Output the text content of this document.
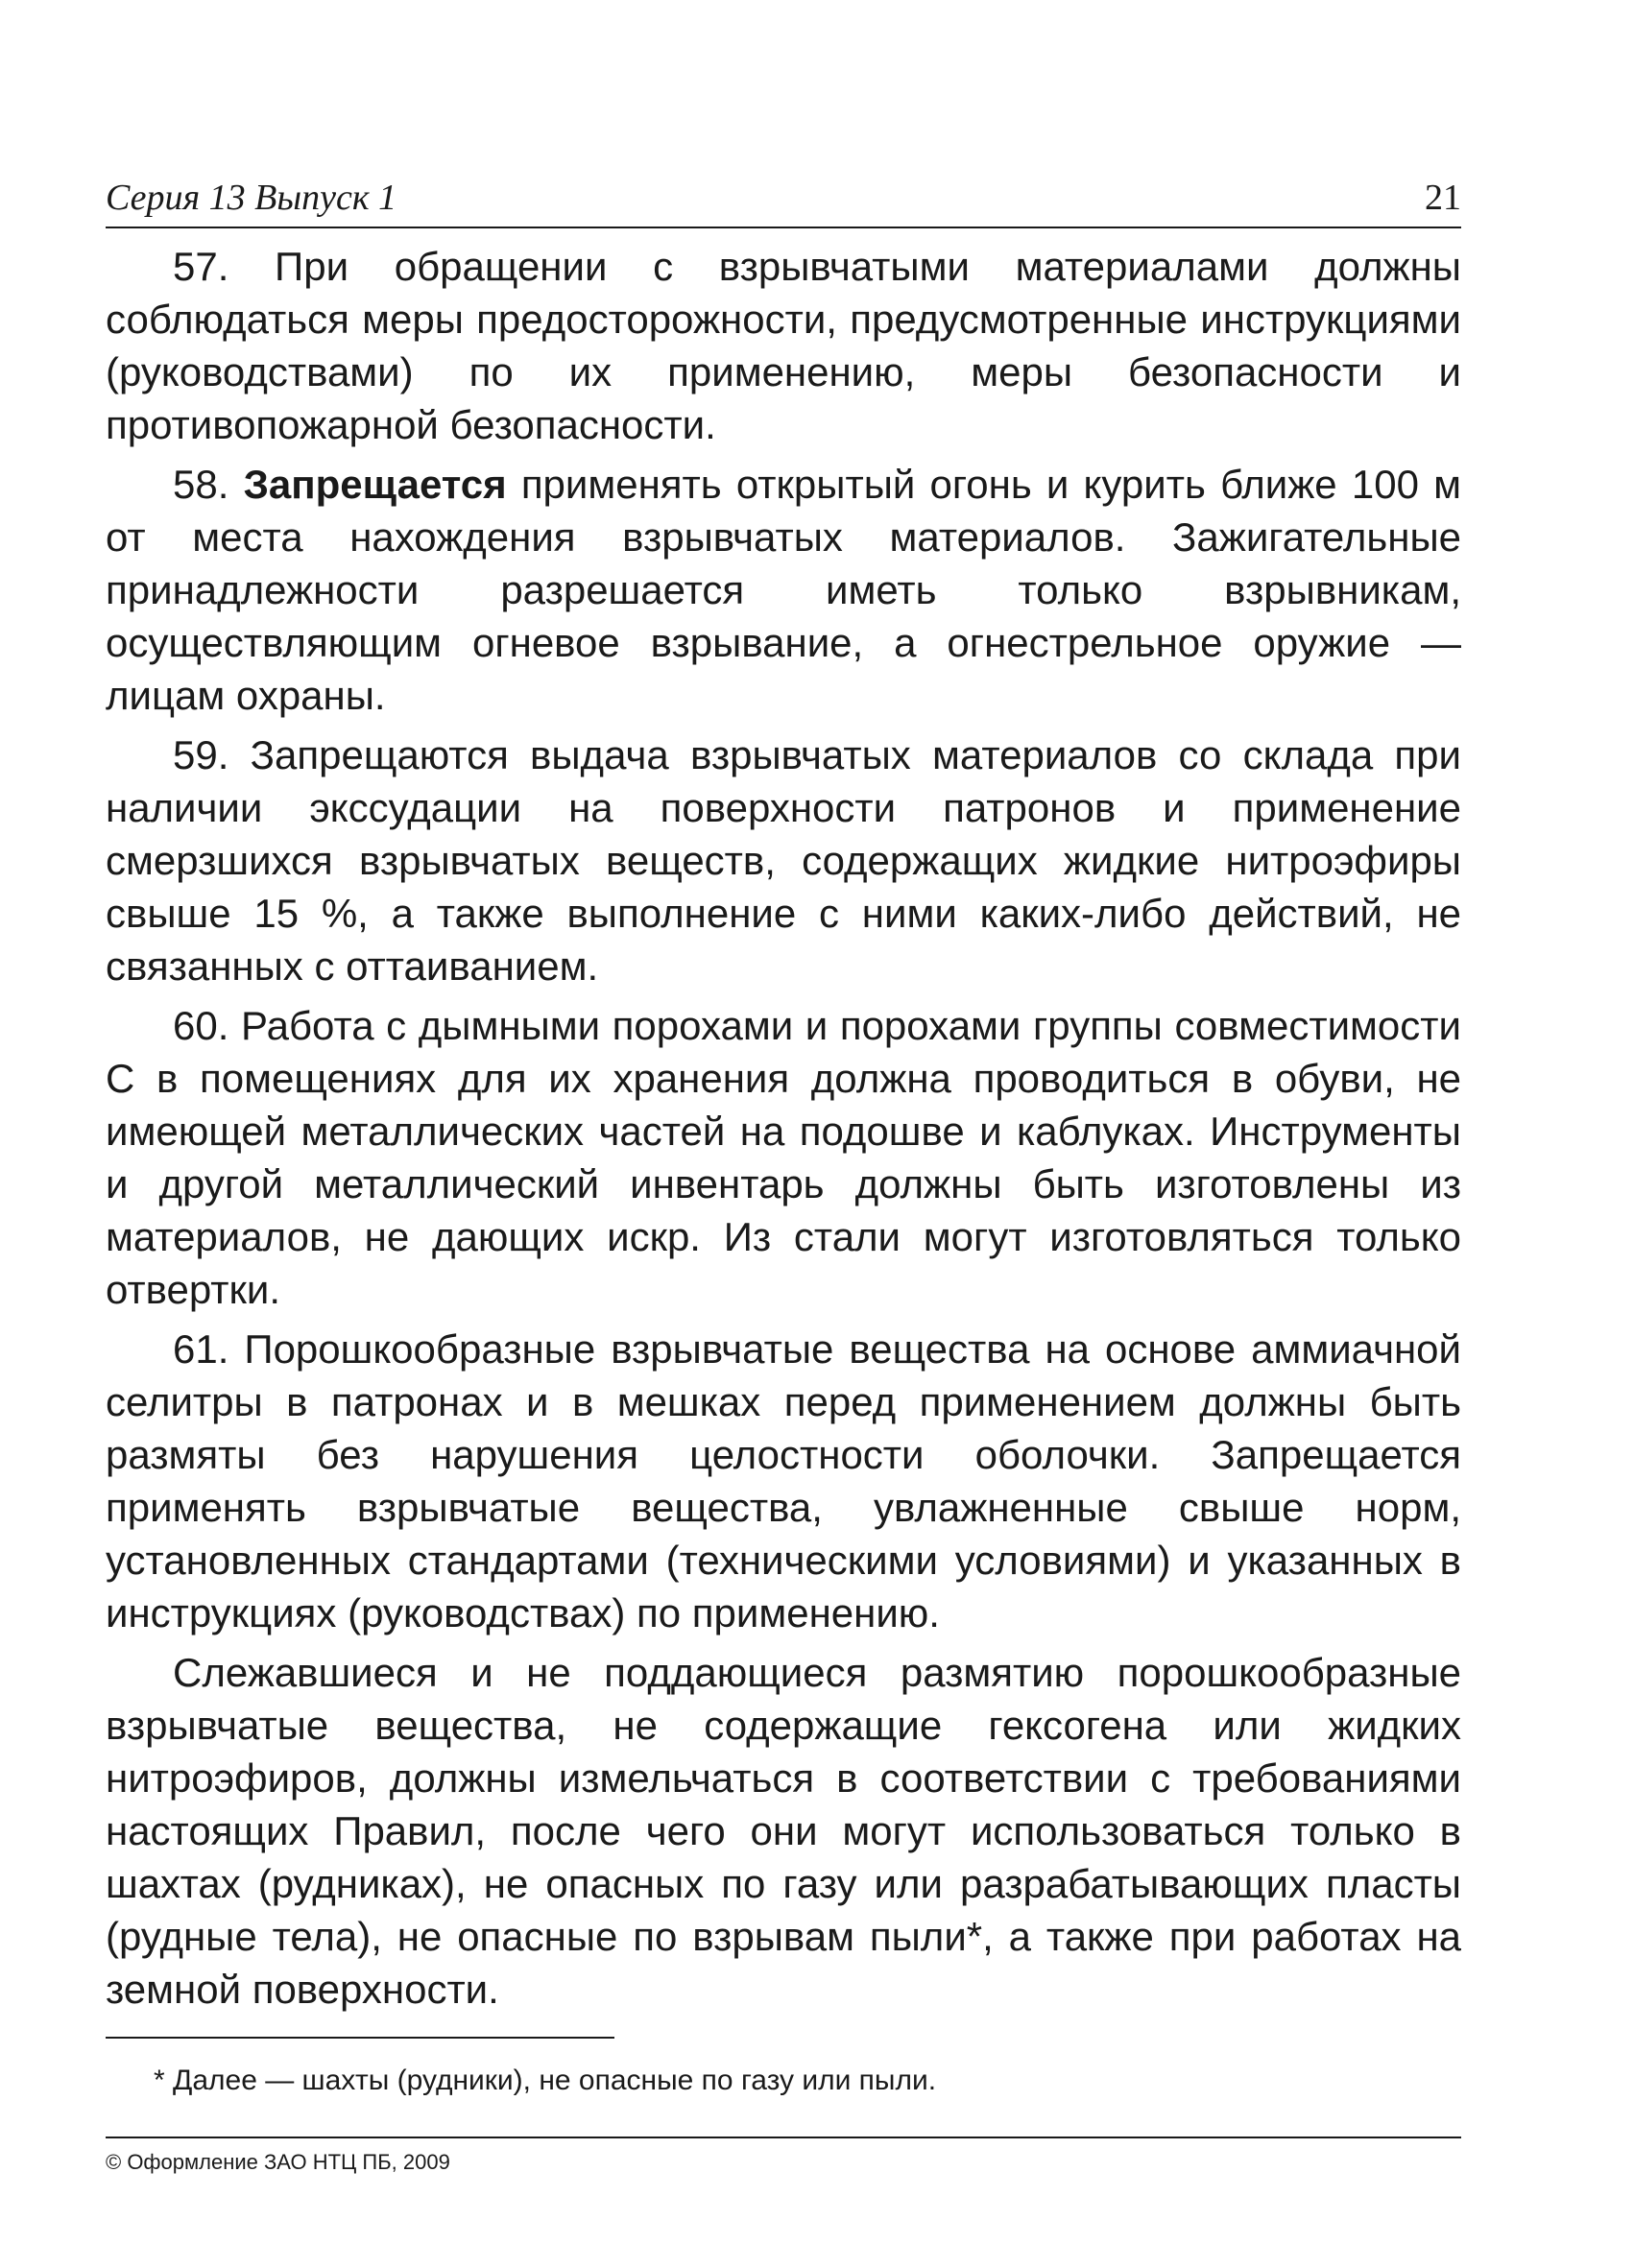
Серия 13 Выпуск 1	21

57. При обращении с взрывчатыми материалами должны соблюдаться меры предосторожности, предусмотренные инструкциями (руководствами) по их применению, меры безопасности и противопожарной безопасности.

58. Запрещается применять открытый огонь и курить ближе 100 м от места нахождения взрывчатых материалов. Зажигательные принадлежности разрешается иметь только взрывникам, осуществляющим огневое взрывание, а огнестрельное оружие — лицам охраны.

59. Запрещаются выдача взрывчатых материалов со склада при наличии экссудации на поверхности патронов и применение смерзшихся взрывчатых веществ, содержащих жидкие нитроэфиры свыше 15 %, а также выполнение с ними каких-либо действий, не связанных с оттаиванием.

60. Работа с дымными порохами и порохами группы совместимости С в помещениях для их хранения должна проводиться в обуви, не имеющей металлических частей на подошве и каблуках. Инструменты и другой металлический инвентарь должны быть изготовлены из материалов, не дающих искр. Из стали могут изготовляться только отвертки.

61. Порошкообразные взрывчатые вещества на основе аммиачной селитры в патронах и в мешках перед применением должны быть размяты без нарушения целостности оболочки. Запрещается применять взрывчатые вещества, увлажненные свыше норм, установленных стандартами (техническими условиями) и указанных в инструкциях (руководствах) по применению.

Слежавшиеся и не поддающиеся размятию порошкообразные взрывчатые вещества, не содержащие гексогена или жидких нитроэфиров, должны измельчаться в соответствии с требованиями настоящих Правил, после чего они могут использоваться только в шахтах (рудниках), не опасных по газу или разрабатывающих пласты (рудные тела), не опасные по взрывам пыли*, а также при работах на земной поверхности.

* Далее — шахты (рудники), не опасные по газу или пыли.
© Оформление ЗАО НТЦ ПБ, 2009
